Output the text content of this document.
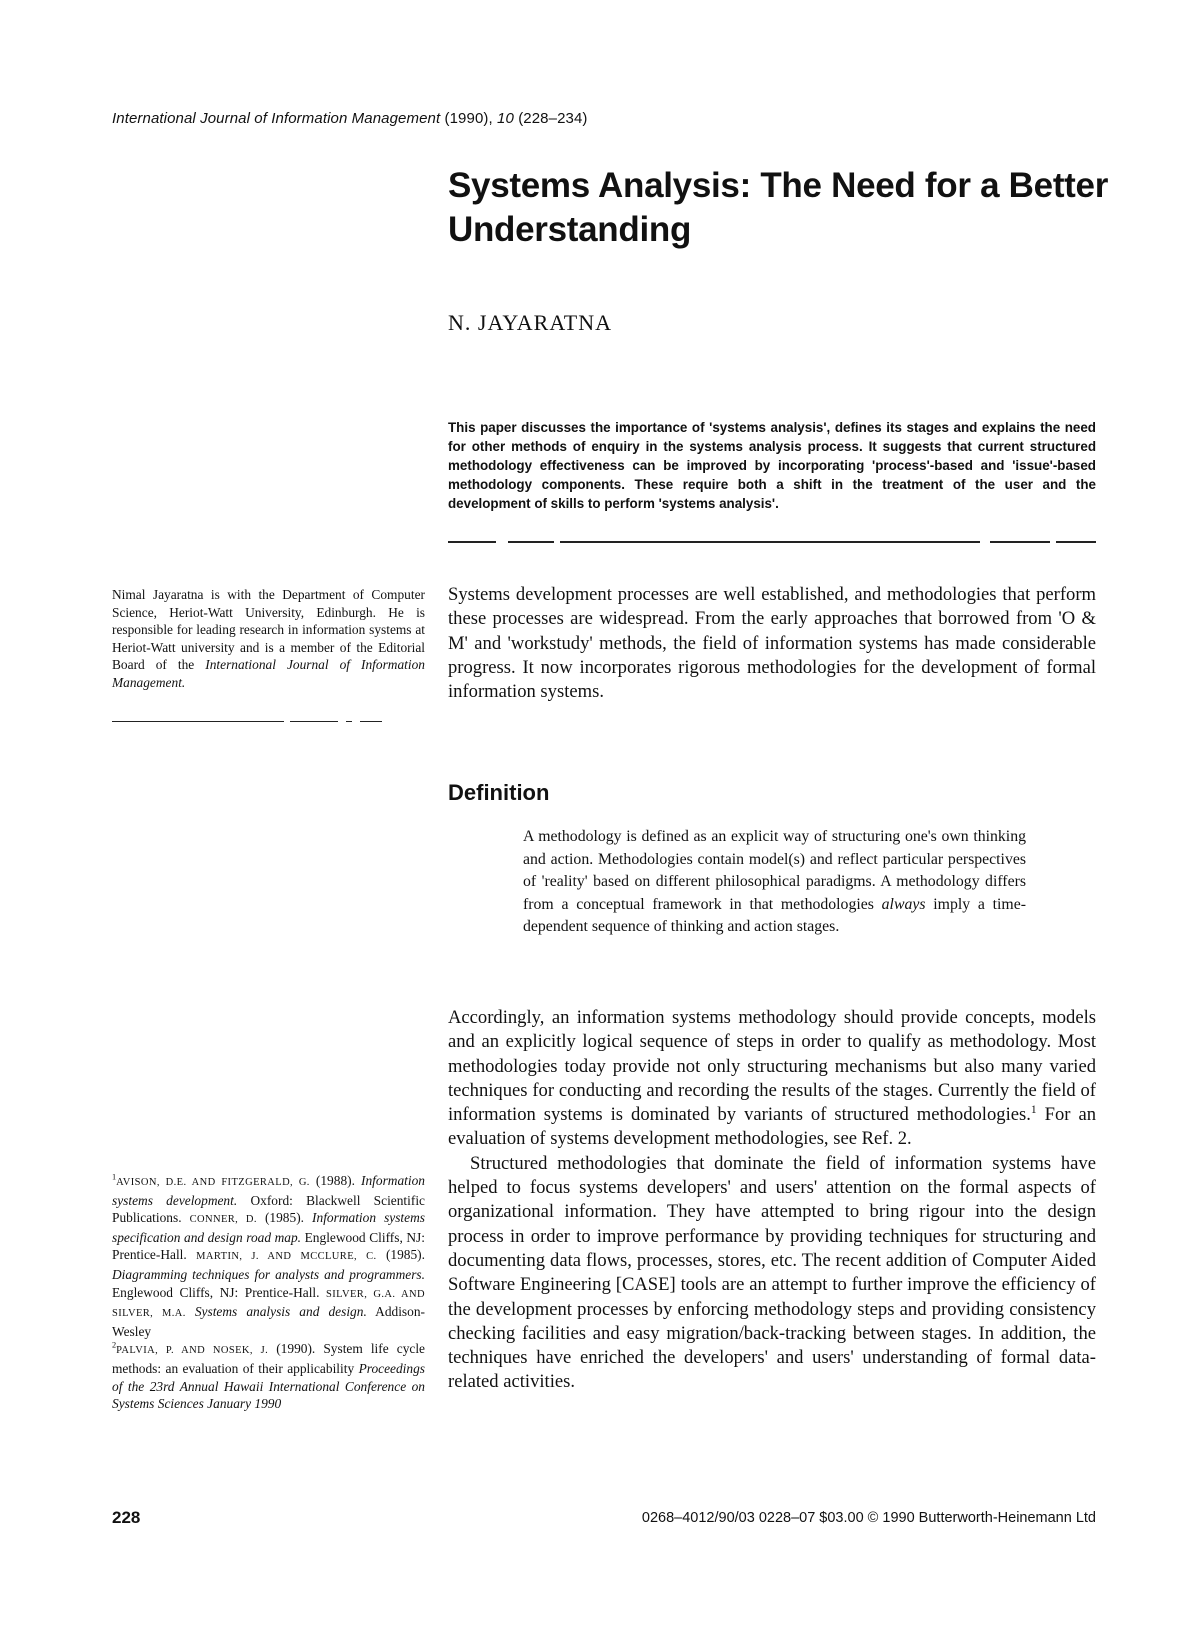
International Journal of Information Management (1990), 10 (228–234)
Systems Analysis: The Need for a Better Understanding
N. JAYARATNA

This paper discusses the importance of 'systems analysis', defines its stages and explains the need for other methods of enquiry in the systems analysis process. It suggests that current structured methodology effectiveness can be improved by incorporating 'process'-based and 'issue'-based methodology components. These require both a shift in the treatment of the user and the development of skills to perform 'systems analysis'.

Nimal Jayaratna is with the Department of Computer Science, Heriot-Watt University, Edinburgh. He is responsible for leading research in information systems at Heriot-Watt university and is a member of the Editorial Board of the International Journal of Information Management.

Systems development processes are well established, and methodologies that perform these processes are widespread. From the early approaches that borrowed from 'O & M' and 'workstudy' methods, the field of information systems has made considerable progress. It now incorporates rigorous methodologies for the development of formal information systems.

Definition

A methodology is defined as an explicit way of structuring one's own thinking and action. Methodologies contain model(s) and reflect particular perspectives of 'reality' based on different philosophical paradigms. A methodology differs from a conceptual framework in that methodologies always imply a time-dependent sequence of thinking and action stages.

Accordingly, an information systems methodology should provide concepts, models and an explicitly logical sequence of steps in order to qualify as methodology. Most methodologies today provide not only structuring mechanisms but also many varied techniques for conducting and recording the results of the stages. Currently the field of information systems is dominated by variants of structured methodologies.$^1$ For an evaluation of systems development methodologies, see Ref. 2.

Structured methodologies that dominate the field of information systems have helped to focus systems developers' and users' attention on the formal aspects of organizational information. They have attempted to bring rigour into the design process in order to improve performance by providing techniques for structuring and documenting data flows, processes, stores, etc. The recent addition of Computer Aided Software Engineering [CASE] tools are an attempt to further improve the efficiency of the development processes by enforcing methodology steps and providing consistency checking facilities and easy migration/back-tracking between stages. In addition, the techniques have enriched the developers' and users' understanding of formal data-related activities.

$^1$AVISON, D.E. AND FITZGERALD, G. (1988). Information systems development. Oxford: Blackwell Scientific Publications. CONNER, D. (1985). Information systems specification and design road map. Englewood Cliffs, NJ: Prentice-Hall. MARTIN, J. AND MCCLURE, C. (1985). Diagramming techniques for analysts and programmers. Englewood Cliffs, NJ: Prentice-Hall. SILVER, G.A. AND SILVER, M.A. Systems analysis and design. Addison-Wesley

$^2$PALVIA, P. AND NOSEK, J. (1990). System life cycle methods: an evaluation of their applicability Proceedings of the 23rd Annual Hawaii International Conference on Systems Sciences January 1990

228	0268–4012/90/03 0228–07 $03.00 © 1990 Butterworth-Heinemann Ltd
